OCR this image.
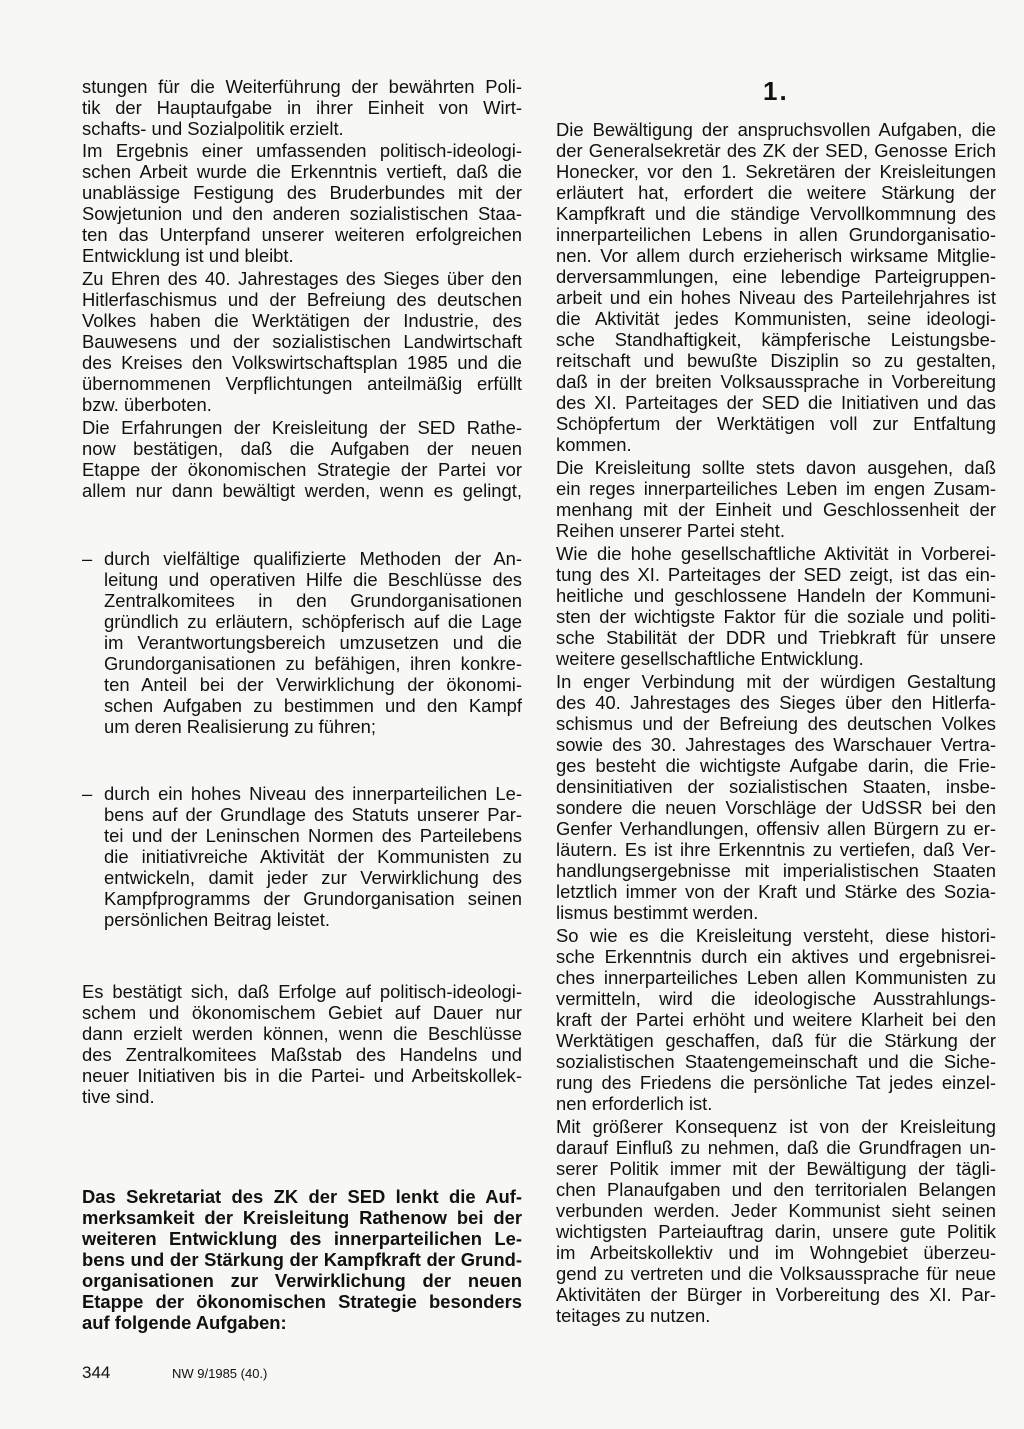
1.
stungen für die Weiterführung der bewährten Poli-
tik der Hauptaufgabe in ihrer Einheit von Wirt-
schafts- und Sozialpolitik erzielt.
Im Ergebnis einer umfassenden politisch-ideologi-
schen Arbeit wurde die Erkenntnis vertieft, daß die
unablässige Festigung des Bruderbundes mit der
Sowjetunion und den anderen sozialistischen Staa-
ten das Unterpfand unserer weiteren erfolgreichen
Entwicklung ist und bleibt.
Zu Ehren des 40. Jahrestages des Sieges über den
Hitlerfaschismus und der Befreiung des deutschen
Volkes haben die Werktätigen der Industrie, des
Bauwesens und der sozialistischen Landwirtschaft
des Kreises den Volkswirtschaftsplan 1985 und die
übernommenen Verpflichtungen anteilmäßig erfüllt
bzw. überboten.
Die Erfahrungen der Kreisleitung der SED Rathe-
now bestätigen, daß die Aufgaben der neuen
Etappe der ökonomischen Strategie der Partei vor
allem nur dann bewältigt werden, wenn es gelingt,
– durch vielfältige qualifizierte Methoden der An-
leitung und operativen Hilfe die Beschlüsse des
Zentralkomitees in den Grundorganisationen
gründlich zu erläutern, schöpferisch auf die Lage
im Verantwortungsbereich umzusetzen und die
Grundorganisationen zu befähigen, ihren konkre-
ten Anteil bei der Verwirklichung der ökonomi-
schen Aufgaben zu bestimmen und den Kampf
um deren Realisierung zu führen;
– durch ein hohes Niveau des innerparteilichen Le-
bens auf der Grundlage des Statuts unserer Par-
tei und der Leninschen Normen des Parteilebens
die initiativreiche Aktivität der Kommunisten zu
entwickeln, damit jeder zur Verwirklichung des
Kampfprogramms der Grundorganisation seinen
persönlichen Beitrag leistet.
Es bestätigt sich, daß Erfolge auf politisch-ideologi-
schem und ökonomischem Gebiet auf Dauer nur
dann erzielt werden können, wenn die Beschlüsse
des Zentralkomitees Maßstab des Handelns und
neuer Initiativen bis in die Partei- und Arbeitskollek-
tive sind.
Das Sekretariat des ZK der SED lenkt die Auf-
merksamkeit der Kreisleitung Rathenow bei der
weiteren Entwicklung des innerparteilichen Le-
bens und der Stärkung der Kampfkraft der Grund-
organisationen zur Verwirklichung der neuen
Etappe der ökonomischen Strategie besonders
auf folgende Aufgaben:
Die Bewältigung der anspruchsvollen Aufgaben, die
der Generalsekretär des ZK der SED, Genosse Erich
Honecker, vor den 1. Sekretären der Kreisleitungen
erläutert hat, erfordert die weitere Stärkung der
Kampfkraft und die ständige Vervollkommnung des
innerparteilichen Lebens in allen Grundorganisatio-
nen. Vor allem durch erzieherisch wirksame Mitglie-
derversammlungen, eine lebendige Parteigruppen-
arbeit und ein hohes Niveau des Parteilehrjahres ist
die Aktivität jedes Kommunisten, seine ideologi-
sche Standhaftigkeit, kämpferische Leistungsbe-
reitschaft und bewußte Disziplin so zu gestalten,
daß in der breiten Volksaussprache in Vorbereitung
des XI. Parteitages der SED die Initiativen und das
Schöpfertum der Werktätigen voll zur Entfaltung
kommen.
Die Kreisleitung sollte stets davon ausgehen, daß
ein reges innerparteiliches Leben im engen Zusam-
menhang mit der Einheit und Geschlossenheit der
Reihen unserer Partei steht.
Wie die hohe gesellschaftliche Aktivität in Vorberei-
tung des XI. Parteitages der SED zeigt, ist das ein-
heitliche und geschlossene Handeln der Kommuni-
sten der wichtigste Faktor für die soziale und politi-
sche Stabilität der DDR und Triebkraft für unsere
weitere gesellschaftliche Entwicklung.
In enger Verbindung mit der würdigen Gestaltung
des 40. Jahrestages des Sieges über den Hitlerfa-
schismus und der Befreiung des deutschen Volkes
sowie des 30. Jahrestages des Warschauer Vertra-
ges besteht die wichtigste Aufgabe darin, die Frie-
densinitiativen der sozialistischen Staaten, insbe-
sondere die neuen Vorschläge der UdSSR bei den
Genfer Verhandlungen, offensiv allen Bürgern zu er-
läutern. Es ist ihre Erkenntnis zu vertiefen, daß Ver-
handlungsergebnisse mit imperialistischen Staaten
letztlich immer von der Kraft und Stärke des Sozia-
lismus bestimmt werden.
So wie es die Kreisleitung versteht, diese histori-
sche Erkenntnis durch ein aktives und ergebnisrei-
ches innerparteiliches Leben allen Kommunisten zu
vermitteln, wird die ideologische Ausstrahlungs-
kraft der Partei erhöht und weitere Klarheit bei den
Werktätigen geschaffen, daß für die Stärkung der
sozialistischen Staatengemeinschaft und die Siche-
rung des Friedens die persönliche Tat jedes einzel-
nen erforderlich ist.
Mit größerer Konsequenz ist von der Kreisleitung
darauf Einfluß zu nehmen, daß die Grundfragen un-
serer Politik immer mit der Bewältigung der tägli-
chen Planaufgaben und den territorialen Belangen
verbunden werden. Jeder Kommunist sieht seinen
wichtigsten Parteiauftrag darin, unsere gute Politik
im Arbeitskollektiv und im Wohngebiet überzeu-
gend zu vertreten und die Volksaussprache für neue
Aktivitäten der Bürger in Vorbereitung des XI. Par-
teitages zu nutzen.
344	NW 9/1985 (40.)
